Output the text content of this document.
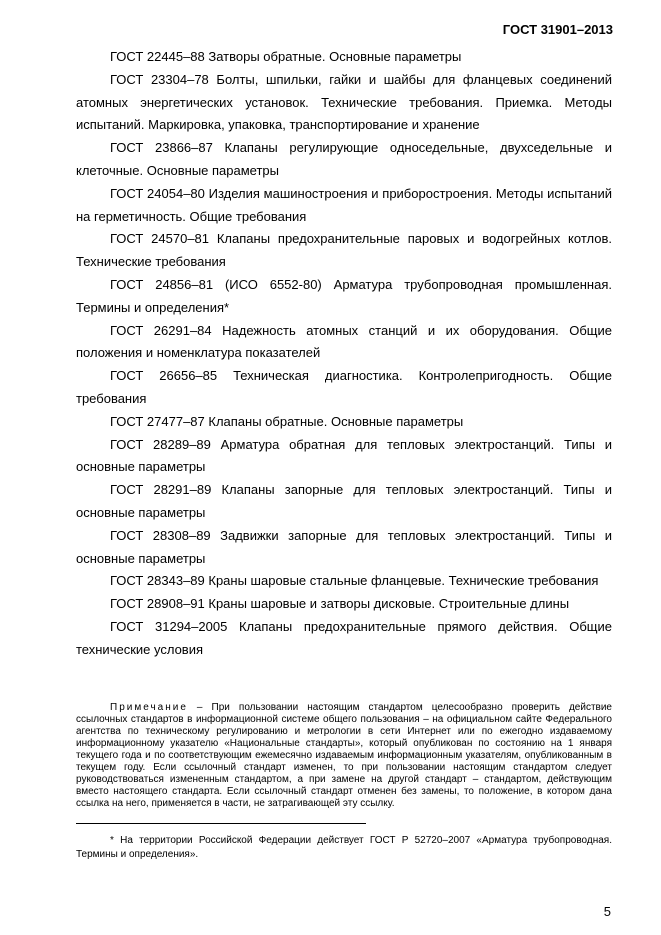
ГОСТ 31901–2013

ГОСТ 22445–88 Затворы обратные. Основные параметры

ГОСТ 23304–78 Болты, шпильки, гайки и шайбы для фланцевых соединений атомных энергетических установок. Технические требования. Приемка. Методы испытаний. Маркировка, упаковка, транспортирование и хранение

ГОСТ 23866–87 Клапаны регулирующие односедельные, двухседельные и клеточные. Основные параметры

ГОСТ 24054–80 Изделия машиностроения и приборостроения. Методы испытаний на герметичность. Общие требования

ГОСТ 24570–81 Клапаны предохранительные паровых и водогрейных котлов. Технические требования

ГОСТ 24856–81 (ИСО 6552-80) Арматура трубопроводная промышленная. Термины и определения*

ГОСТ 26291–84 Надежность атомных станций и их оборудования. Общие положения и номенклатура показателей

ГОСТ 26656–85 Техническая диагностика. Контролепригодность. Общие требования

ГОСТ 27477–87 Клапаны обратные. Основные параметры

ГОСТ 28289–89 Арматура обратная для тепловых электростанций. Типы и основные параметры

ГОСТ 28291–89 Клапаны запорные для тепловых электростанций. Типы и основные параметры

ГОСТ 28308–89 Задвижки запорные для тепловых электростанций. Типы и основные параметры

ГОСТ 28343–89 Краны шаровые стальные фланцевые. Технические требования

ГОСТ 28908–91 Краны шаровые и затворы дисковые. Строительные длины

ГОСТ 31294–2005 Клапаны предохранительные прямого действия. Общие технические условия

Примечание – При пользовании настоящим стандартом целесообразно проверить действие ссылочных стандартов в информационной системе общего пользования – на официальном сайте Федерального агентства по техническому регулированию и метрологии в сети Интернет или по ежегодно издаваемому информационному указателю «Национальные стандарты», который опубликован по состоянию на 1 января текущего года и по соответствующим ежемесячно издаваемым информационным указателям, опубликованным в текущем году. Если ссылочный стандарт изменен, то при пользовании настоящим стандартом следует руководствоваться измененным стандартом, а при замене на другой стандарт – стандартом, действующим вместо настоящего стандарта. Если ссылочный стандарт отменен без замены, то положение, в котором дана ссылка на него, применяется в части, не затрагивающей эту ссылку.

* На территории Российской Федерации действует ГОСТ Р 52720–2007 «Арматура трубопроводная. Термины и определения».

5
